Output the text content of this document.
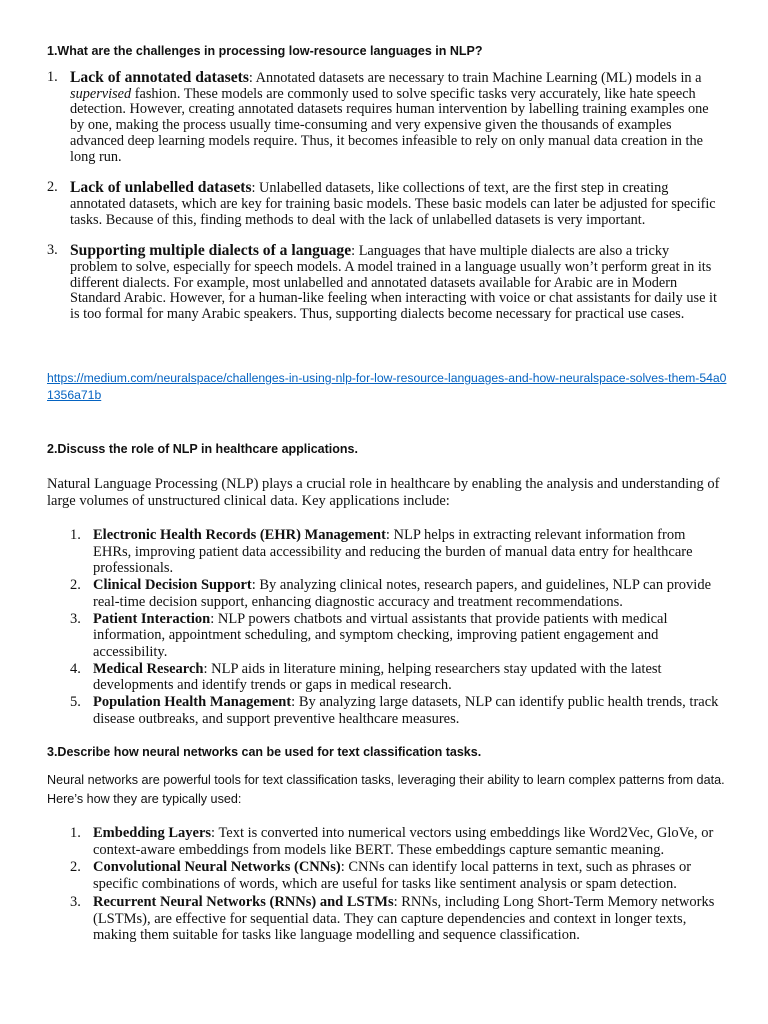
1.What are the challenges in processing low-resource languages in NLP?

1. Lack of annotated datasets: Annotated datasets are necessary to train Machine Learning (ML) models in a supervised fashion. These models are commonly used to solve specific tasks very accurately, like hate speech detection. However, creating annotated datasets requires human intervention by labelling training examples one by one, making the process usually time-consuming and very expensive given the thousands of examples advanced deep learning models require. Thus, it becomes infeasible to rely on only manual data creation in the long run.
2. Lack of unlabelled datasets: Unlabelled datasets, like collections of text, are the first step in creating annotated datasets, which are key for training basic models. These basic models can later be adjusted for specific tasks. Because of this, finding methods to deal with the lack of unlabelled datasets is very important.
3. Supporting multiple dialects of a language: Languages that have multiple dialects are also a tricky problem to solve, especially for speech models. A model trained in a language usually won’t perform great in its different dialects. For example, most unlabelled and annotated datasets available for Arabic are in Modern Standard Arabic. However, for a human-like feeling when interacting with voice or chat assistants for daily use it is too formal for many Arabic speakers. Thus, supporting dialects become necessary for practical use cases.
https://medium.com/neuralspace/challenges-in-using-nlp-for-low-resource-languages-and-how-neuralspace-solves-them-54a01356a71b

2.Discuss the role of NLP in healthcare applications.

Natural Language Processing (NLP) plays a crucial role in healthcare by enabling the analysis and understanding of large volumes of unstructured clinical data. Key applications include:

1. Electronic Health Records (EHR) Management: NLP helps in extracting relevant information from EHRs, improving patient data accessibility and reducing the burden of manual data entry for healthcare professionals.
2. Clinical Decision Support: By analyzing clinical notes, research papers, and guidelines, NLP can provide real-time decision support, enhancing diagnostic accuracy and treatment recommendations.
3. Patient Interaction: NLP powers chatbots and virtual assistants that provide patients with medical information, appointment scheduling, and symptom checking, improving patient engagement and accessibility.
4. Medical Research: NLP aids in literature mining, helping researchers stay updated with the latest developments and identify trends or gaps in medical research.
5. Population Health Management: By analyzing large datasets, NLP can identify public health trends, track disease outbreaks, and support preventive healthcare measures.

3.Describe how neural networks can be used for text classification tasks.

Neural networks are powerful tools for text classification tasks, leveraging their ability to learn complex patterns from data. Here’s how they are typically used:

1. Embedding Layers: Text is converted into numerical vectors using embeddings like Word2Vec, GloVe, or context-aware embeddings from models like BERT. These embeddings capture semantic meaning.
2. Convolutional Neural Networks (CNNs): CNNs can identify local patterns in text, such as phrases or specific combinations of words, which are useful for tasks like sentiment analysis or spam detection.
3. Recurrent Neural Networks (RNNs) and LSTMs: RNNs, including Long Short-Term Memory networks (LSTMs), are effective for sequential data. They can capture dependencies and context in longer texts, making them suitable for tasks like language modelling and sequence classification.
